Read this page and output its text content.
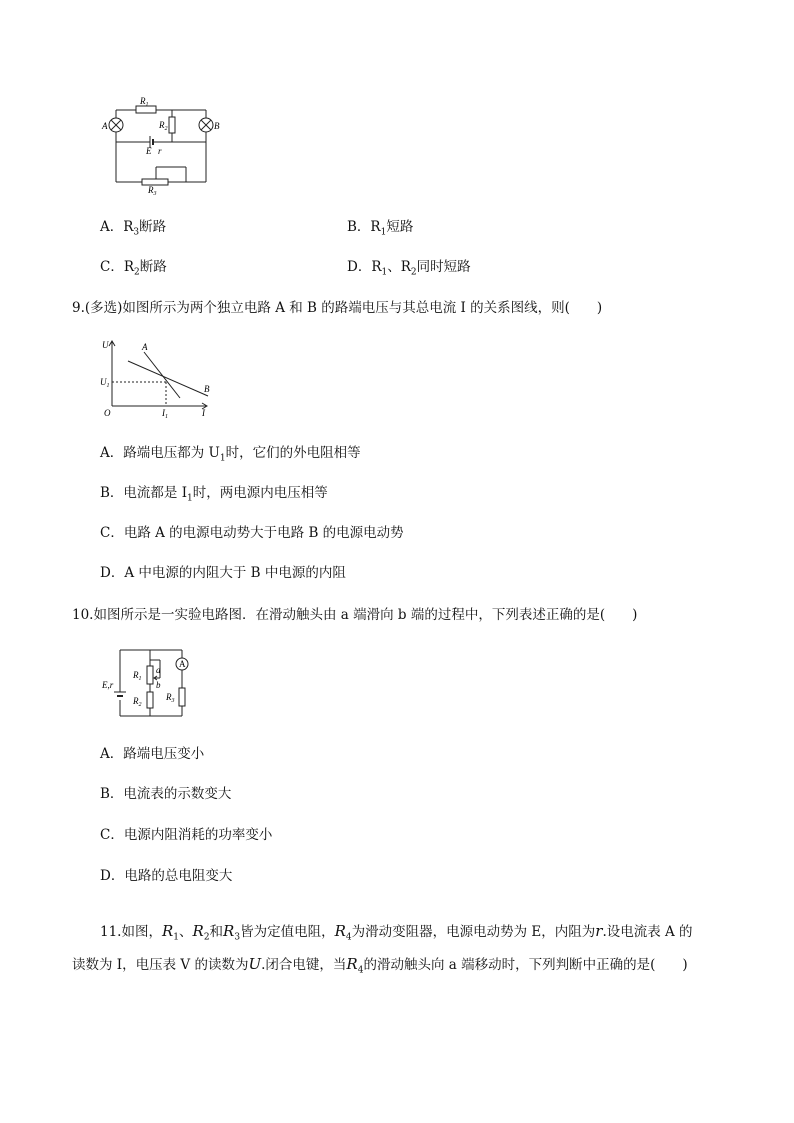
A	B
$R_1$
$R_2$
E r
$R_3$
A．$R_3$断路	B．$R_1$短路
C．$R_2$断路	D．$R_1$、$R_2$同时短路
9.(多选)如图所示为两个独立电路 A 和 B 的路端电压与其总电流 I 的关系图线，则(　　)
U
I
O
A
B
$U_1$
$I_1$
A．路端电压都为 $U_1$时，它们的外电阻相等
B．电流都是 $I_1$时，两电源内电压相等
C．电路 A 的电源电动势大于电路 B 的电源电动势
D．A 中电源的内阻大于 B 中电源的内阻
10.如图所示是一实验电路图．在滑动触头由 a 端滑向 b 端的过程中，下列表述正确的是(　　)
E,r
$R_1$
$R_2$
$R_3$
a
b
A
A．路端电压变小
B．电流表的示数变大
C．电源内阻消耗的功率变小
D．电路的总电阻变大
11.如图，$R_1$、$R_2$和$R_3$皆为定值电阻，$R_4$为滑动变阻器，电源电动势为 E，内阻为r.设电流表 A 的
读数为 I，电压表 V 的读数为U.闭合电键，当$R_4$的滑动触头向 a 端移动时，下列判断中正确的是(　　)
